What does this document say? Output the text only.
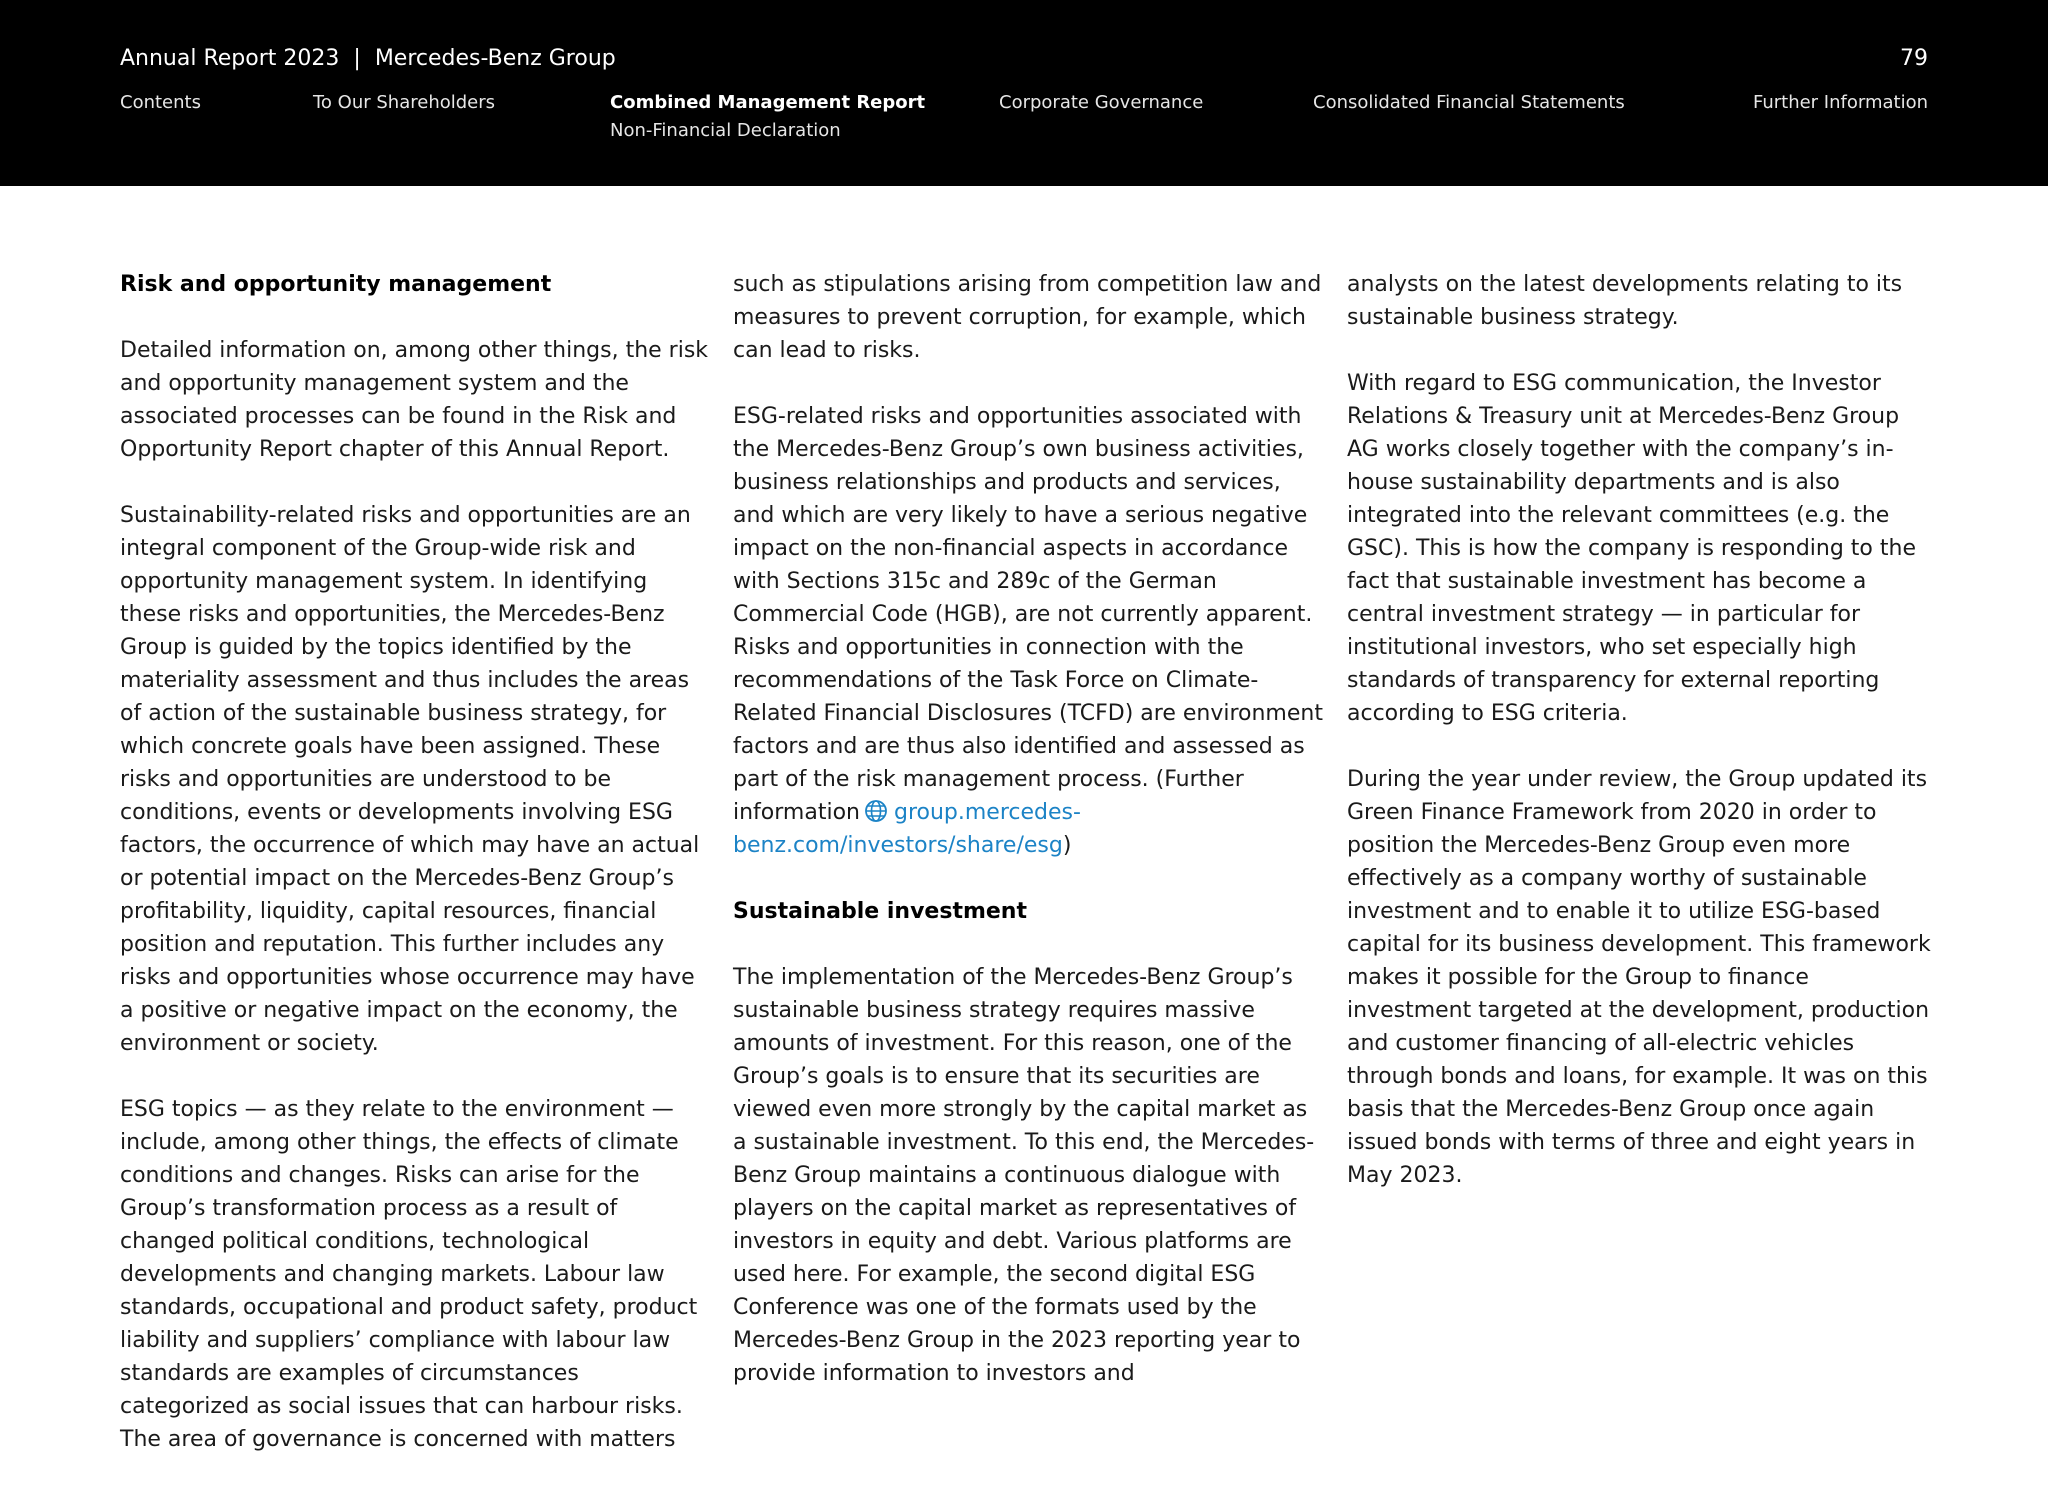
Annual Report 2023 | Mercedes-Benz Group	79
Contents	To Our Shareholders	Combined Management Report	Corporate Governance	Consolidated Financial Statements	Further Information
Non-Financial Declaration
Risk and opportunity management

Detailed information on, among other things, the risk and opportunity management system and the associated processes can be found in the Risk and Opportunity Report chapter of this Annual Report.

Sustainability-related risks and opportunities are an integral component of the Group-wide risk and opportunity management system. In identifying these risks and opportunities, the Mercedes-Benz Group is guided by the topics identified by the materiality assessment and thus includes the areas of action of the sustainable business strategy, for which concrete goals have been assigned. These risks and opportunities are understood to be conditions, events or developments involving ESG factors, the occurrence of which may have an actual or potential impact on the Mercedes-Benz Group’s profitability, liquidity, capital resources, financial position and reputation. This further includes any risks and opportunities whose occurrence may have a positive or negative impact on the economy, the environment or society.

ESG topics — as they relate to the environment — include, among other things, the effects of climate conditions and changes. Risks can arise for the Group’s transformation process as a result of changed political conditions, technological developments and changing markets. Labour law standards, occupational and product safety, product liability and suppliers’ compliance with labour law standards are examples of circumstances categorized as social issues that can harbour risks. The area of governance is concerned with matters

such as stipulations arising from competition law and measures to prevent corruption, for example, which can lead to risks.

ESG-related risks and opportunities associated with the Mercedes-Benz Group’s own business activities, business relationships and products and services, and which are very likely to have a serious negative impact on the non-financial aspects in accordance with Sections 315c and 289c of the German Commercial Code (HGB), are not currently apparent. Risks and opportunities in connection with the recommendations of the Task Force on Climate-Related Financial Disclosures (TCFD) are environment factors and are thus also identified and assessed as part of the risk management process. (Further information group.mercedes-benz.com/investors/share/esg)

Sustainable investment

The implementation of the Mercedes-Benz Group’s sustainable business strategy requires massive amounts of investment. For this reason, one of the Group’s goals is to ensure that its securities are viewed even more strongly by the capital market as a sustainable investment. To this end, the Mercedes-Benz Group maintains a continuous dialogue with players on the capital market as representatives of investors in equity and debt. Various platforms are used here. For example, the second digital ESG Conference was one of the formats used by the Mercedes-Benz Group in the 2023 reporting year to provide information to investors and

analysts on the latest developments relating to its sustainable business strategy.

With regard to ESG communication, the Investor Relations & Treasury unit at Mercedes-Benz Group AG works closely together with the company’s in-house sustainability departments and is also integrated into the relevant committees (e.g. the GSC). This is how the company is responding to the fact that sustainable investment has become a central investment strategy — in particular for institutional investors, who set especially high standards of transparency for external reporting according to ESG criteria.

During the year under review, the Group updated its Green Finance Framework from 2020 in order to position the Mercedes-Benz Group even more effectively as a company worthy of sustainable investment and to enable it to utilize ESG-based capital for its business development. This framework makes it possible for the Group to finance investment targeted at the development, production and customer financing of all-electric vehicles through bonds and loans, for example. It was on this basis that the Mercedes-Benz Group once again issued bonds with terms of three and eight years in May 2023.
